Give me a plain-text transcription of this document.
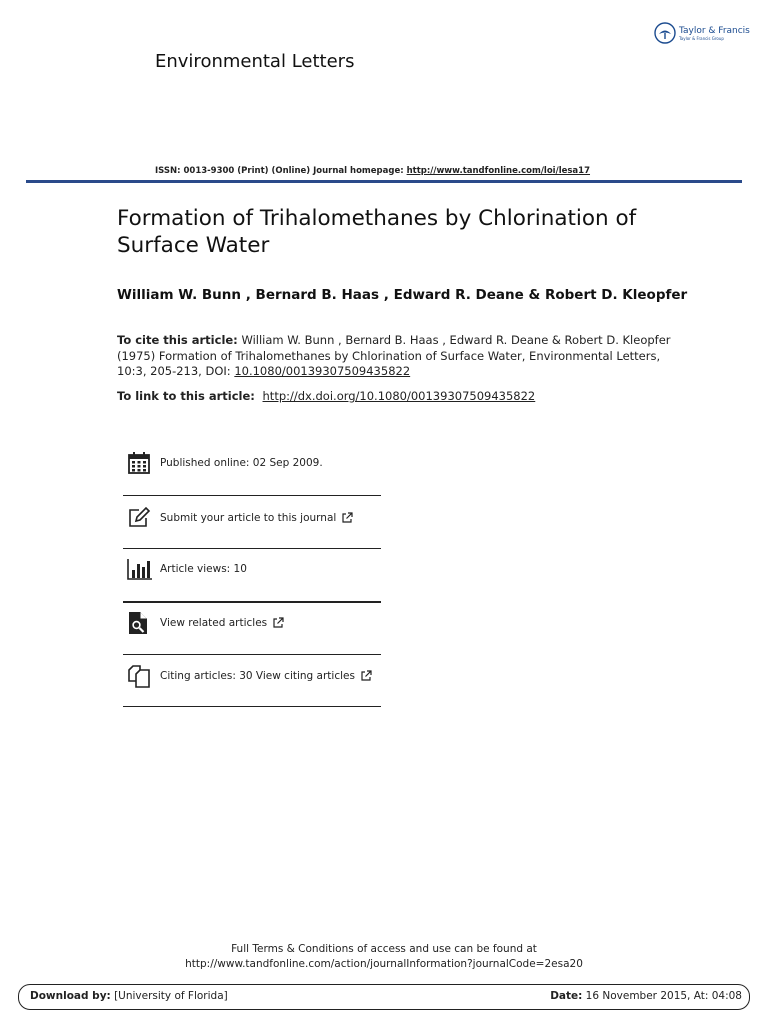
Environmental Letters
Taylor & Francis
Taylor & Francis Group
ISSN: 0013-9300 (Print) (Online) Journal homepage: http://www.tandfonline.com/loi/lesa17
Formation of Trihalomethanes by Chlorination of Surface Water
William W. Bunn , Bernard B. Haas , Edward R. Deane & Robert D. Kleopfer
To cite this article: William W. Bunn , Bernard B. Haas , Edward R. Deane & Robert D. Kleopfer (1975) Formation of Trihalomethanes by Chlorination of Surface Water, Environmental Letters, 10:3, 205-213, DOI: 10.1080/00139307509435822
To link to this article:  http://dx.doi.org/10.1080/00139307509435822
Published online: 02 Sep 2009.
Submit your article to this journal
Article views: 10
View related articles
Citing articles: 30 View citing articles
Full Terms & Conditions of access and use can be found at
http://www.tandfonline.com/action/journalInformation?journalCode=2esa20
Download by: [University of Florida]	Date: 16 November 2015, At: 04:08
